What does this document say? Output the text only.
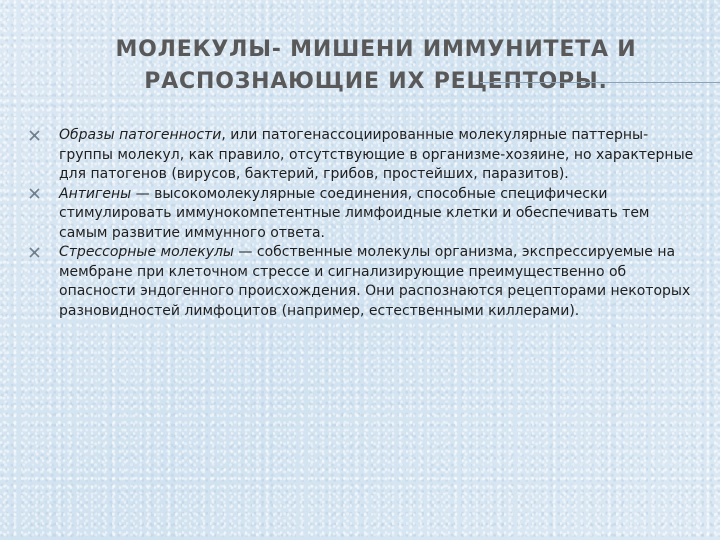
МОЛЕКУЛЫ- МИШЕНИ ИММУНИТЕТА И
РАСПОЗНАЮЩИЕ ИХ РЕЦЕПТОРЫ.
Образы патогенности, или патогенассоциированные молекулярные паттерны- группы молекул, как правило, отсутствующие в организме-хозяине, но характерные для патогенов (вирусов, бактерий, грибов, простейших, паразитов).
Антигены — высокомолекулярные соединения, способные специфически стимулировать иммунокомпетентные лимфоидные клетки и обеспечивать тем самым развитие иммунного ответа.
Стрессорные молекулы — собственные молекулы организма, экспрессируемые на мембране при клеточном стрессе и сигнализирующие преимущественно об опасности эндогенного происхождения. Они распознаются рецепторами некоторых разновидностей лимфоцитов (например, естественными киллерами).
